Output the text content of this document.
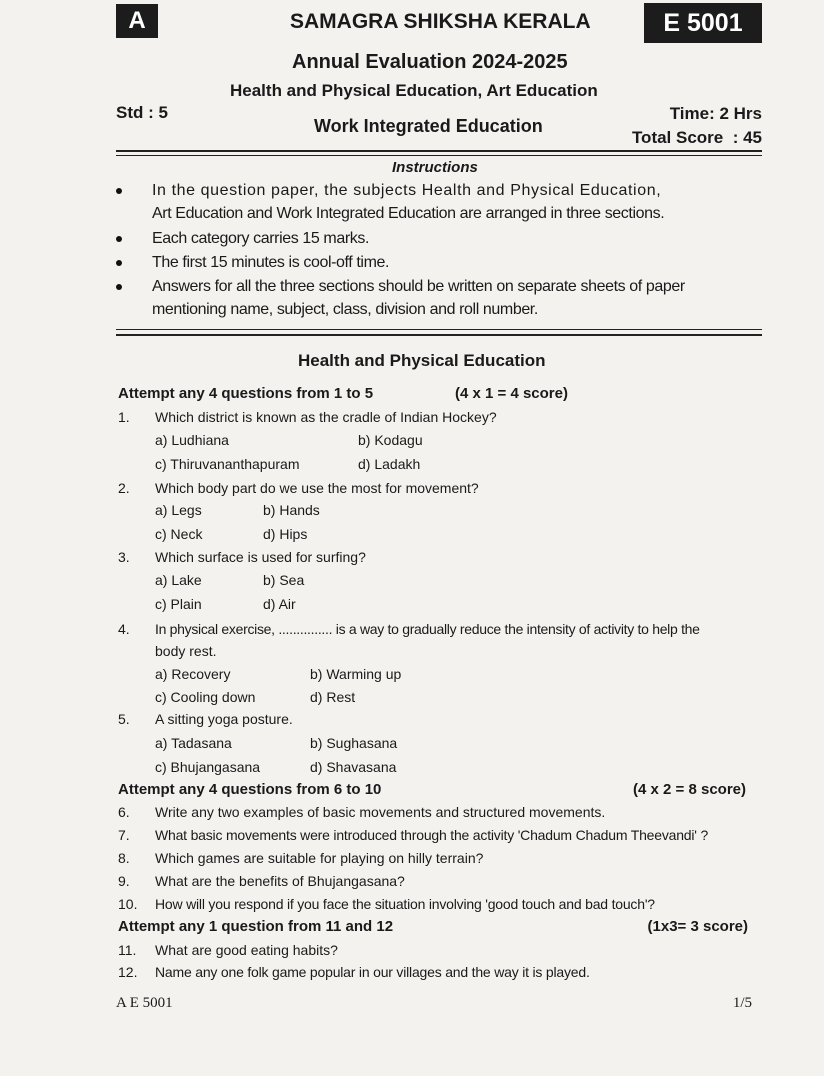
A	SAMAGRA SHIKSHA KERALA	E 5001
Annual Evaluation 2024-2025
Health and Physical Education, Art Education
Std : 5
Work Integrated Education
Time: 2 Hrs
Total Score  : 45
Instructions
In the question paper, the subjects Health and Physical Education,
Art Education and Work Integrated Education are arranged in three sections.
Each category carries 15 marks.
The first 15 minutes is cool-off time.
Answers for all the three sections should be written on separate sheets of paper
mentioning name, subject, class, division and roll number.
Health and Physical Education
Attempt any 4 questions from 1 to 5	(4 x 1 = 4 score)
1. Which district is known as the cradle of Indian Hockey?
a) Ludhiana	b) Kodagu
c) Thiruvananthapuram	d) Ladakh
2. Which body part do we use the most for movement?
a) Legs	b) Hands
c) Neck	d) Hips
3. Which surface is used for surfing?
a) Lake	b) Sea
c) Plain	d) Air
4. In physical exercise, ............... is a way to gradually reduce the intensity of activity to help the
body rest.
a) Recovery	b) Warming up
c) Cooling down	d) Rest
5. A sitting yoga posture.
a) Tadasana	b) Sughasana
c) Bhujangasana	d) Shavasana
Attempt any 4 questions from 6 to 10	(4 x 2 = 8 score)
6. Write any two examples of basic movements and structured movements.
7. What basic movements were introduced through the activity 'Chadum Chadum Theevandi' ?
8. Which games are suitable for playing on hilly terrain?
9. What are the benefits of Bhujangasana?
10. How will you respond if you face the situation involving 'good touch and bad touch'?
Attempt any 1 question from 11 and 12	(1x3= 3 score)
11. What are good eating habits?
12. Name any one folk game popular in our villages and the way it is played.
A E 5001	1/5
